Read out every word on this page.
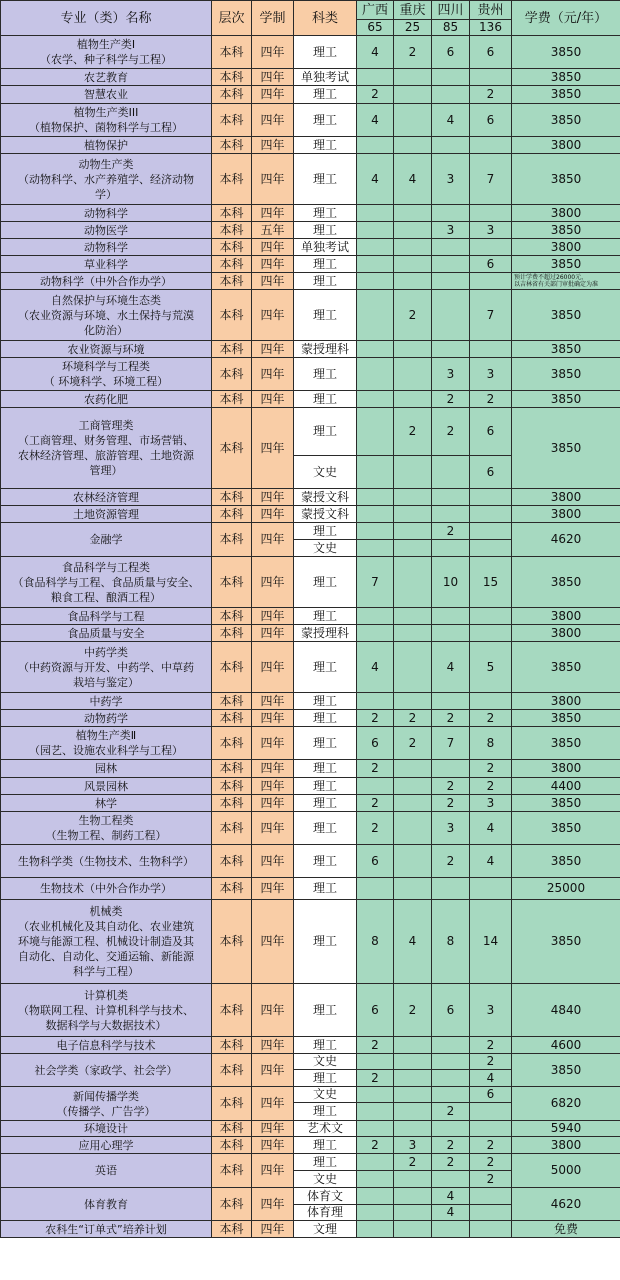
专业（类）名称	层次	学制	科类	广西	重庆	四川	贵州	学费（元/年）
				65	25	85	136	

植物生产类Ⅰ
（农学、种子科学与工程）	本科	四年	理工	4	2	6	6	3850

农艺教育	本科	四年	单独考试					3850

智慧农业	本科	四年	理工	2			2	3850

植物生产类III
（植物保护、菌物科学与工程）	本科	四年	理工	4		4	6	3850

植物保护	本科	四年	理工					3800

动物生产类
（动物科学、水产养殖学、经济动物
学）	本科	四年	理工	4	4	3	7	3850

动物科学	本科	四年	理工					3800

动物医学	本科	五年	理工			3	3	3850

动物科学	本科	四年	单独考试					3800

草业科学	本科	四年	理工				6	3850

动物科学（中外合作办学）	本科	四年	理工					预计学费不超过26000元，
以吉林省有关部门审批确定为准

自然保护与环境生态类
（农业资源与环境、水土保持与荒漠
化防治）	本科	四年	理工		2		7	3850

农业资源与环境	本科	四年	蒙授理科					3850

环境科学与工程类
（ 环境科学、环境工程）	本科	四年	理工			3	3	3850

农药化肥	本科	四年	理工			2	2	3850

工商管理类
（工商管理、财务管理、市场营销、
农林经济管理、旅游管理、土地资源
管理）	本科	四年	理工		2	2	6	3850
			文史				6	

农林经济管理	本科	四年	蒙授文科					3800

土地资源管理	本科	四年	蒙授文科					3800

金融学	本科	四年	理工			2		4620
			文史					

食品科学与工程类
（食品科学与工程、食品质量与安全、
粮食工程、酿酒工程）	本科	四年	理工	7		10	15	3850

食品科学与工程	本科	四年	理工					3800

食品质量与安全	本科	四年	蒙授理科					3800

中药学类
（中药资源与开发、中药学、中草药
栽培与鉴定）	本科	四年	理工	4		4	5	3850

中药学	本科	四年	理工					3800

动物药学	本科	四年	理工	2	2	2	2	3850

植物生产类Ⅱ
（园艺、设施农业科学与工程）	本科	四年	理工	6	2	7	8	3850

园林	本科	四年	理工	2			2	3800

风景园林	本科	四年	理工			2	2	4400

林学	本科	四年	理工	2		2	3	3850

生物工程类
（生物工程、制药工程）	本科	四年	理工	2		3	4	3850

生物科学类（生物技术、生物科学）	本科	四年	理工	6		2	4	3850

生物技术（中外合作办学）	本科	四年	理工					25000

机械类
（农业机械化及其自动化、农业建筑
环境与能源工程、机械设计制造及其
自动化、自动化、交通运输、新能源
科学与工程）	本科	四年	理工	8	4	8	14	3850

计算机类
（物联网工程、计算机科学与技术、
数据科学与大数据技术）	本科	四年	理工	6	2	6	3	4840

电子信息科学与技术	本科	四年	理工	2			2	4600

社会学类（家政学、社会学）	本科	四年	文史				2	3850
			理工	2			4	

新闻传播学类
（传播学、广告学）	本科	四年	文史				6	6820
			理工			2		

环境设计	本科	四年	艺术文					5940

应用心理学	本科	四年	理工	2	3	2	2	3800

英语	本科	四年	理工		2	2	2	5000
			文史				2	

体育教育	本科	四年	体育文			4		4620
			体育理			4		

农科生“订单式”培养计划	本科	四年	文理					免费
